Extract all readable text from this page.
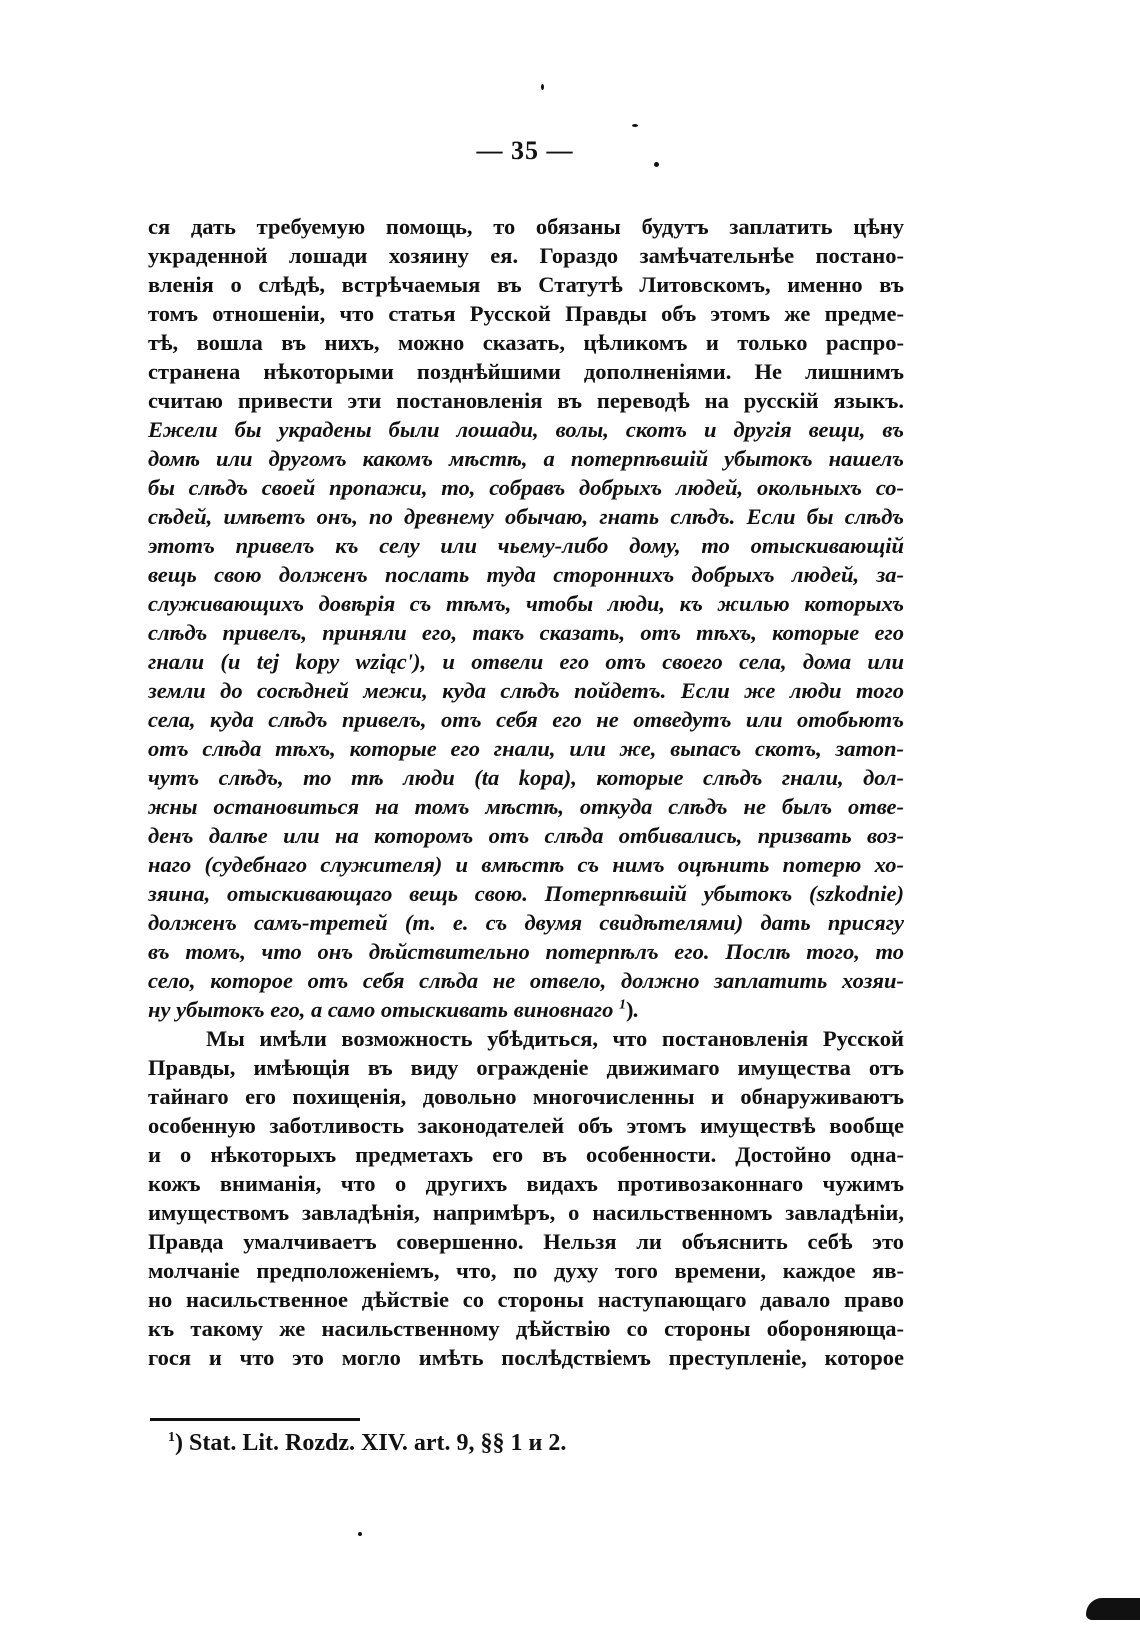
— 35 —
ся дать требуемую помощь, то обязаны будутъ заплатить цѣну
украденной лошади хозяину ея. Гораздо замѣчательнѣе постано-
вленія о слѣдѣ, встрѣчаемыя въ Статутѣ Литовскомъ, именно въ
томъ отношеніи, что статья Русской Правды объ этомъ же предме-
тѣ, вошла въ нихъ, можно сказать, цѣликомъ и только распро-
странена нѣкоторыми позднѣйшими дополненіями. Не лишнимъ
считаю привести эти постановленія въ переводѣ на русскій языкъ.
Ежели бы украдены были лошади, волы, скотъ и другія вещи, въ
домѣ или другомъ какомъ мѣстѣ, а потерпѣвшій убытокъ нашелъ
бы слѣдъ своей пропажи, то, собравъ добрыхъ людей, окольныхъ со-
сѣдей, имѣетъ онъ, по древнему обычаю, гнать слѣдъ. Если бы слѣдъ
этотъ привелъ къ селу или чьему-либо дому, то отыскивающій
вещь свою долженъ послать туда стороннихъ добрыхъ людей, за-
служивающихъ довѣрія съ тѣмъ, чтобы люди, къ жилью которыхъ
слѣдъ привелъ, приняли его, такъ сказать, отъ тѣхъ, которые его
гнали (u tej kopy wziąc'), и отвели его отъ своего села, дома или
земли до сосѣдней межи, куда слѣдъ пойдетъ. Если же люди того
села, куда слѣдъ привелъ, отъ себя его не отведутъ или отобьютъ
отъ слѣда тѣхъ, которые его гнали, или же, выпасъ скотъ, затоп-
чутъ слѣдъ, то тѣ люди (ta kopa), которые слѣдъ гнали, дол-
жны остановиться на томъ мѣстѣ, откуда слѣдъ не былъ отве-
денъ далѣе или на которомъ отъ слѣда отбивались, призвать воз-
наго (судебнаго служителя) и вмѣстѣ съ нимъ оцѣнить потерю хо-
зяина, отыскивающаго вещь свою. Потерпѣвшій убытокъ (szkodnie)
долженъ самъ-третей (т. е. съ двумя свидѣтелями) дать присягу
въ томъ, что онъ дѣйствительно потерпѣлъ его. Послѣ того, то
село, которое отъ себя слѣда не отвело, должно заплатить хозяи-
ну убытокъ его, а само отыскивать виновнаго $^1$).
Мы имѣли возможность убѣдиться, что постановленія Русской
Правды, имѣющія въ виду огражденіе движимаго имущества отъ
тайнаго его похищенія, довольно многочисленны и обнаруживаютъ
особенную заботливость законодателей объ этомъ имуществѣ вообще
и о нѣкоторыхъ предметахъ его въ особенности. Достойно одна-
кожъ вниманія, что о другихъ видахъ противозаконнаго чужимъ
имуществомъ завладѣнія, напримѣръ, о насильственномъ завладѣніи,
Правда умалчиваетъ совершенно. Нельзя ли объяснить себѣ это
молчаніе предположеніемъ, что, по духу того времени, каждое яв-
но насильственное дѣйствіе со стороны наступающаго давало право
къ такому же насильственному дѣйствію со стороны обороняюща-
гося и что это могло имѣть послѣдствіемъ преступленіе, которое
$^1$) Stat. Lit. Rozdz. XIV. art. 9, §§ 1 и 2.
